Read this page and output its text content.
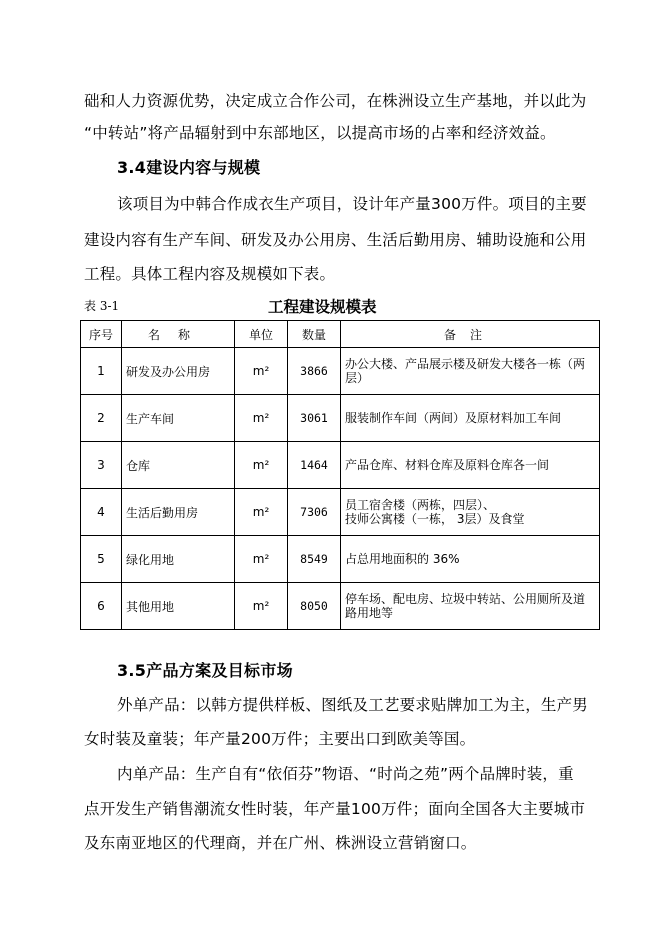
础和人力资源优势，决定成立合作公司，在株洲设立生产基地，并以此为
“中转站”将产品辐射到中东部地区，以提高市场的占率和经济效益。
3.4建设内容与规模
该项目为中韩合作成衣生产项目，设计年产量300万件。项目的主要
建设内容有生产车间、研发及办公用房、生活后勤用房、辅助设施和公用
工程。具体工程内容及规模如下表。
表 3-1	工程建设规模表
序号	名称	单位	数量	备注
1	研发及办公用房	m²	3866	办公大楼、产品展示楼及研发大楼各一栋（两层）
2	生产车间	m²	3061	服装制作车间（两间）及原材料加工车间
3	仓库	m²	1464	产品仓库、材料仓库及原料仓库各一间
4	生活后勤用房	m²	7306	员工宿舍楼（两栋，四层）、
技师公寓楼（一栋， 3层）及食堂

5	绿化用地	m²	8549	占总用地面积的 36%
6	其他用地	m²	8050	停车场、配电房、垃圾中转站、公用厕所及道路用地等
3.5产品方案及目标市场
外单产品：以韩方提供样板、图纸及工艺要求贴牌加工为主，生产男
女时装及童装；年产量200万件；主要出口到欧美等国。
内单产品：生产自有“依佰芬”物语、“时尚之苑”两个品牌时装，重
点开发生产销售潮流女性时装，年产量100万件；面向全国各大主要城市
及东南亚地区的代理商，并在广州、株洲设立营销窗口。
